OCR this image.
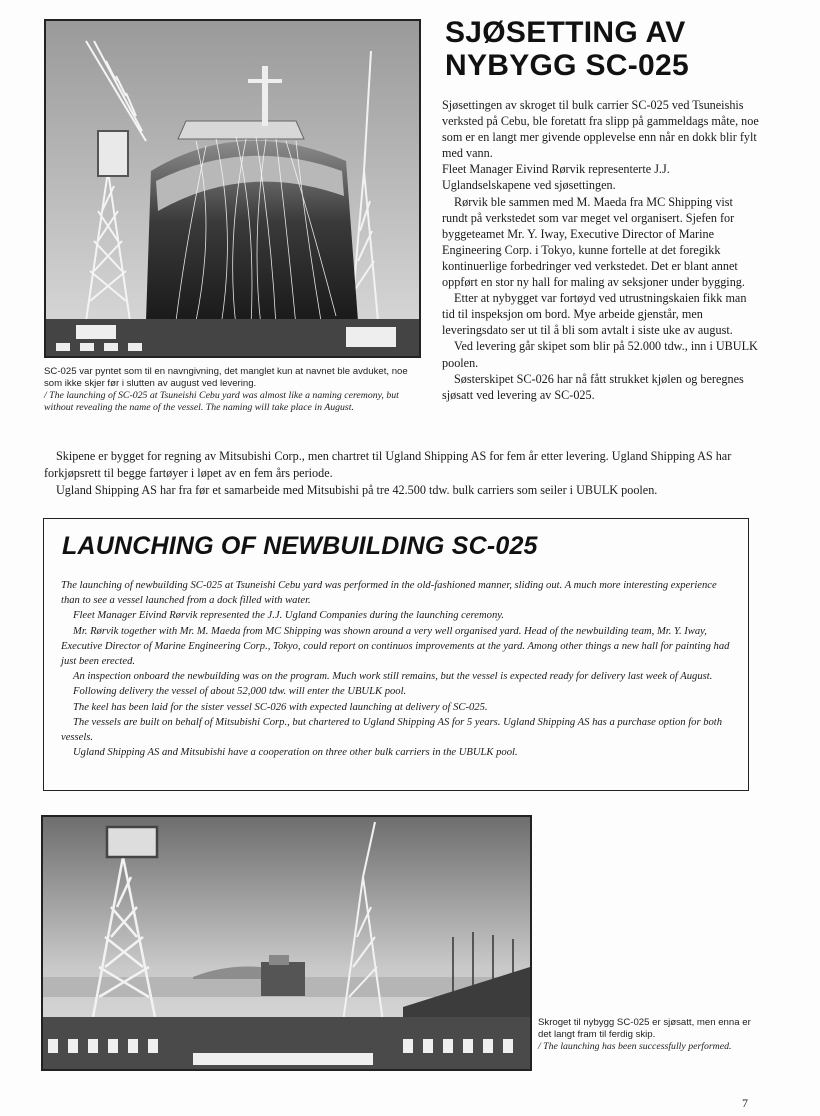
SJØSETTING AV
NYBYGG SC-025

Sjøsettingen av skroget til bulk carrier SC-025 ved Tsuneishis verksted på Cebu, ble foretatt fra slipp på gammeldags måte, noe som er en langt mer givende opplevelse enn når en dokk blir fylt med vann.

Fleet Manager Eivind Rørvik representerte J.J. Uglandselskapene ved sjøsettingen.

Rørvik ble sammen med M. Maeda fra MC Shipping vist rundt på verkstedet som var meget vel organisert. Sjefen for byggeteamet Mr. Y. Iway, Executive Director of Marine Engineering Corp. i Tokyo, kunne fortelle at det foregikk kontinuerlige forbedringer ved verkstedet. Det er blant annet oppført en stor ny hall for maling av seksjoner under bygging.

Etter at nybygget var fortøyd ved utrustningskaien fikk man tid til inspeksjon om bord. Mye arbeide gjenstår, men leveringsdato ser ut til å bli som avtalt i siste uke av august.

Ved levering går skipet som blir på 52.000 tdw., inn i UBULK poolen.

Søsterskipet SC-026 har nå fått strukket kjølen og beregnes sjøsatt ved levering av SC-025.

SC-025 var pyntet som til en navngivning, det manglet kun at navnet ble avduket, noe som ikke skjer før i slutten av august ved levering.
/ The launching of SC-025 at Tsuneishi Cebu yard was almost like a naming ceremony, but without revealing the name of the vessel. The naming will take place in August.

Skipene er bygget for regning av Mitsubishi Corp., men chartret til Ugland Shipping AS for fem år etter levering. Ugland Shipping AS har forkjøpsrett til begge fartøyer i løpet av en fem års periode.

Ugland Shipping AS har fra før et samarbeide med Mitsubishi på tre 42.500 tdw. bulk carriers som seiler i UBULK poolen.

LAUNCHING OF NEWBUILDING SC-025

The launching of newbuilding SC-025 at Tsuneishi Cebu yard was performed in the old-fashioned manner, sliding out. A much more interesting experience than to see a vessel launched from a dock filled with water.

Fleet Manager Eivind Rørvik represented the J.J. Ugland Companies during the launching ceremony.

Mr. Rørvik together with Mr. M. Maeda from MC Shipping was shown around a very well organised yard. Head of the newbuilding team, Mr. Y. Iway, Executive Director of Marine Engineering Corp., Tokyo, could report on continuos improvements at the yard. Among other things a new hall for painting had just been erected.

An inspection onboard the newbuilding was on the program. Much work still remains, but the vessel is expected ready for delivery last week of August.

Following delivery the vessel of about 52,000 tdw. will enter the UBULK pool.

The keel has been laid for the sister vessel SC-026 with expected launching at delivery of SC-025.

The vessels are built on behalf of Mitsubishi Corp., but chartered to Ugland Shipping AS for 5 years. Ugland Shipping AS has a purchase option for both vessels.

Ugland Shipping AS and Mitsubishi have a cooperation on three other bulk carriers in the UBULK pool.

Skroget til nybygg SC-025 er sjøsatt, men enna er det langt fram til ferdig skip.
/ The launching has been successfully performed.
7
